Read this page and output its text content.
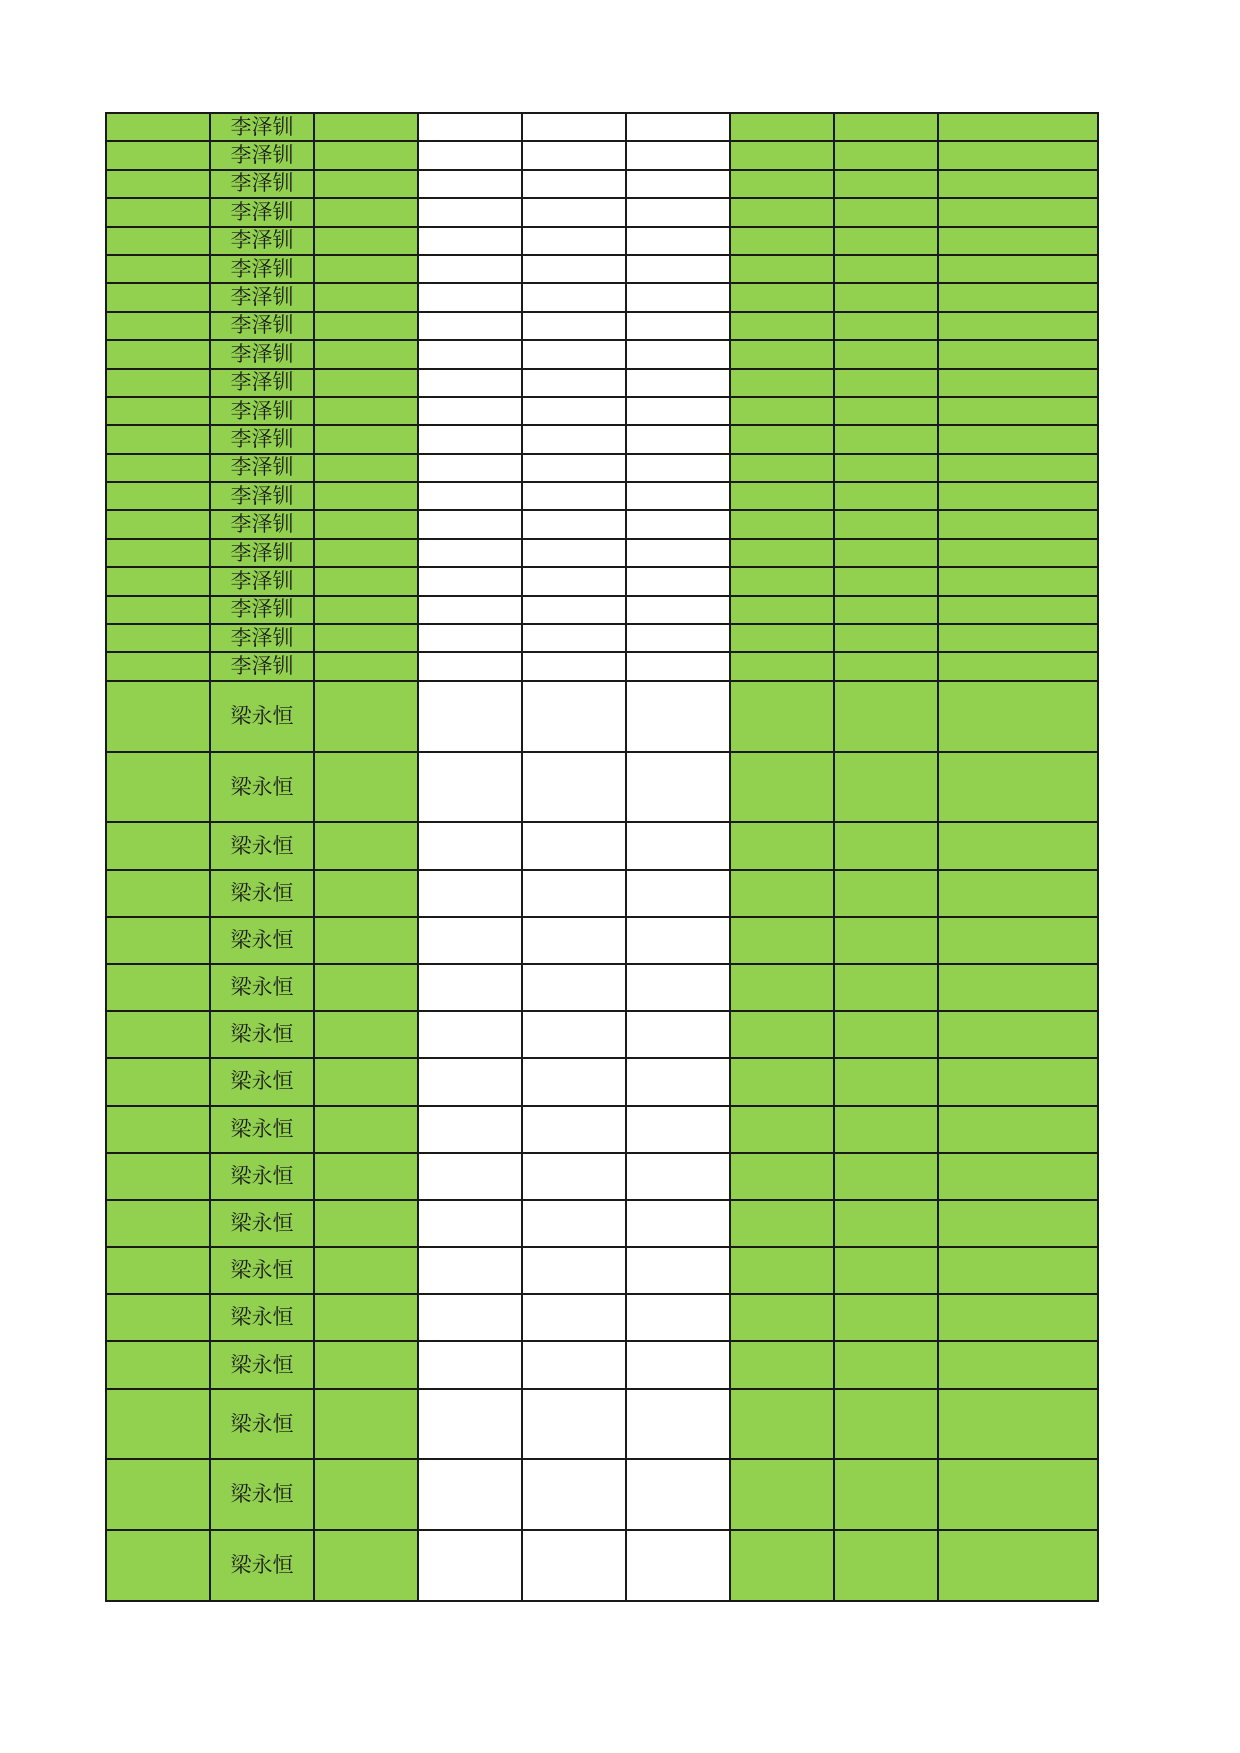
	李泽钏							
	李泽钏							
	李泽钏							
	李泽钏							
	李泽钏							
	李泽钏							
	李泽钏							
	李泽钏							
	李泽钏							
	李泽钏							
	李泽钏							
	李泽钏							
	李泽钏							
	李泽钏							
	李泽钏							
	李泽钏							
	李泽钏							
	李泽钏							
	李泽钏							
	李泽钏							
	梁永恒							
	梁永恒							
	梁永恒							
	梁永恒							
	梁永恒							
	梁永恒							
	梁永恒							
	梁永恒							
	梁永恒							
	梁永恒							
	梁永恒							
	梁永恒							
	梁永恒							
	梁永恒							
	梁永恒							
	梁永恒							
	梁永恒							
